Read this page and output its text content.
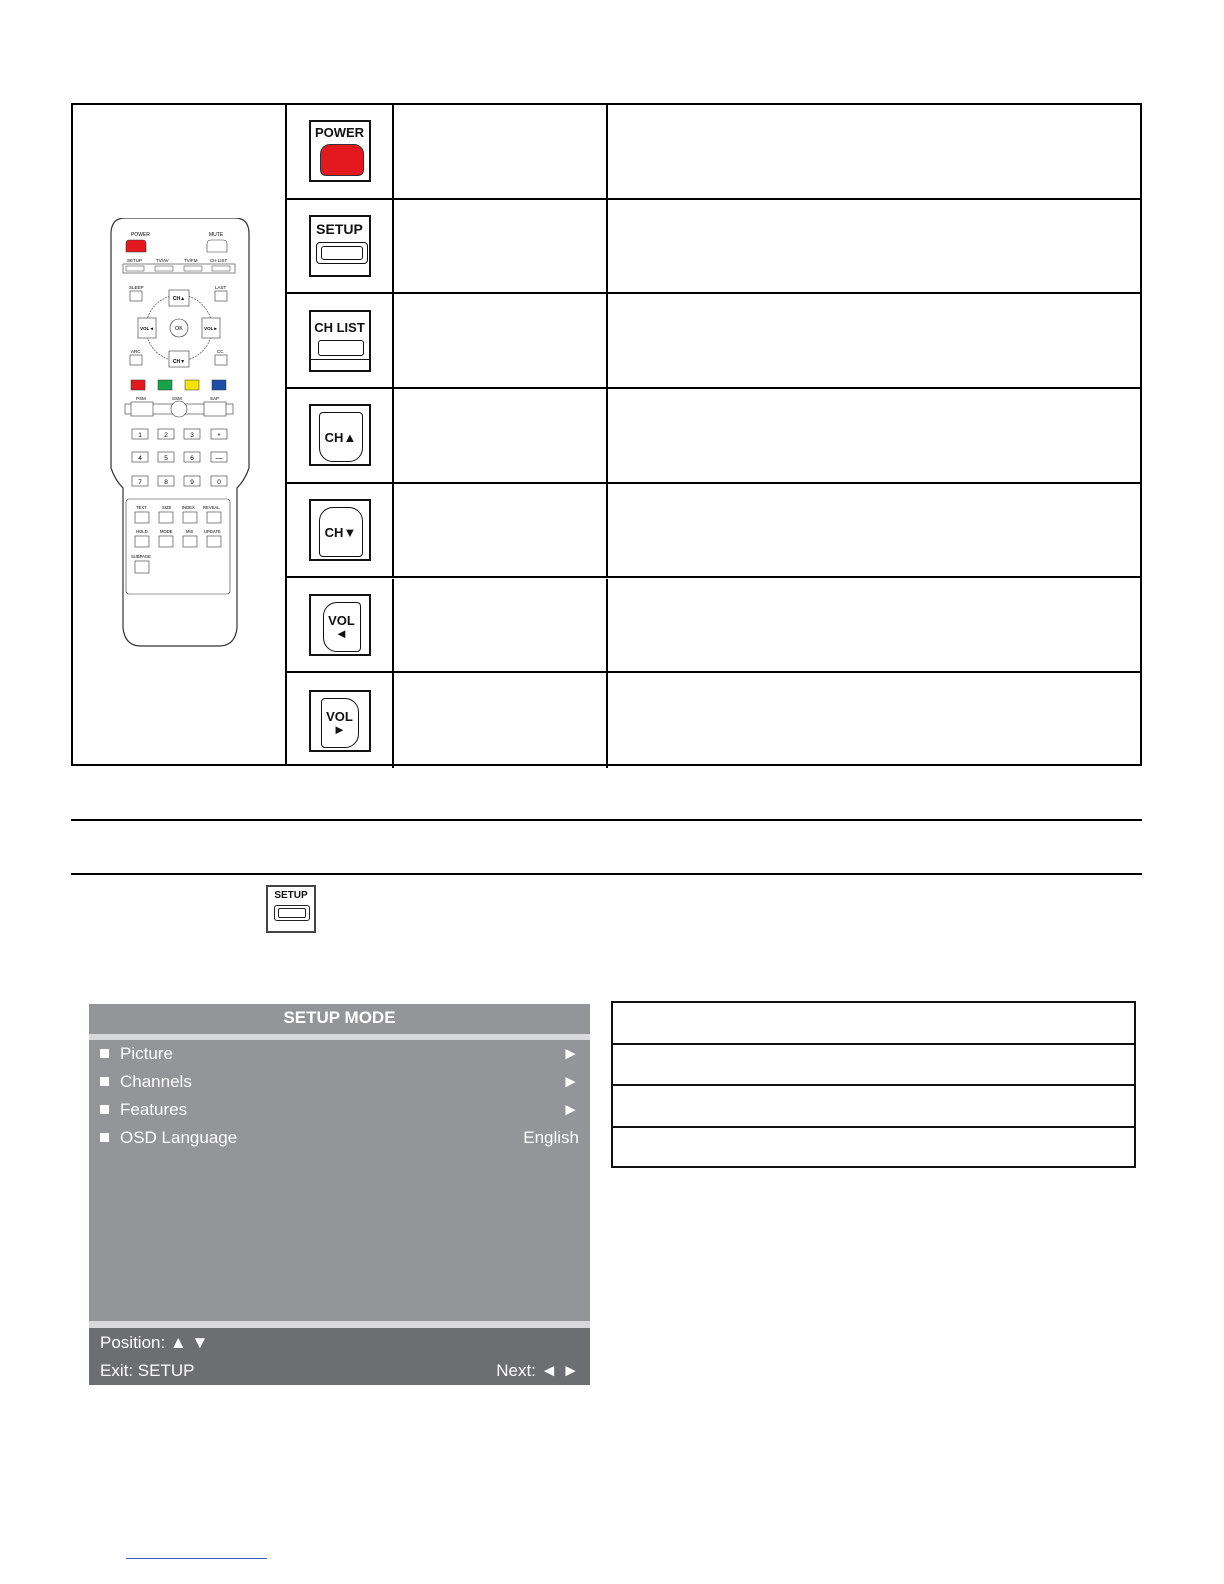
POWER	MUTE
SETUP	TV/AV	TV/FM	CH LIST
SLEEP	LAST
CH▲
CH▼
VOL◄	VOL►
OK
ARC	CC
PSM	SSM	SAP
1	2	3	*
4	5	6	—
7	8	9	0
TEXT	SIZE	INDEX REVEAL
HOLD	MODE	MIX	UPDATE
SUBPAGE
POWER
SETUP
CH LIST
CH▲
CH▼
VOL
◄
VOL
►
SETUP
SETUP MODE
Picture	►
Channels	►
Features	►
OSD Language	English
Position: ▲ ▼
Exit: SETUP	Next: ◄ ►
